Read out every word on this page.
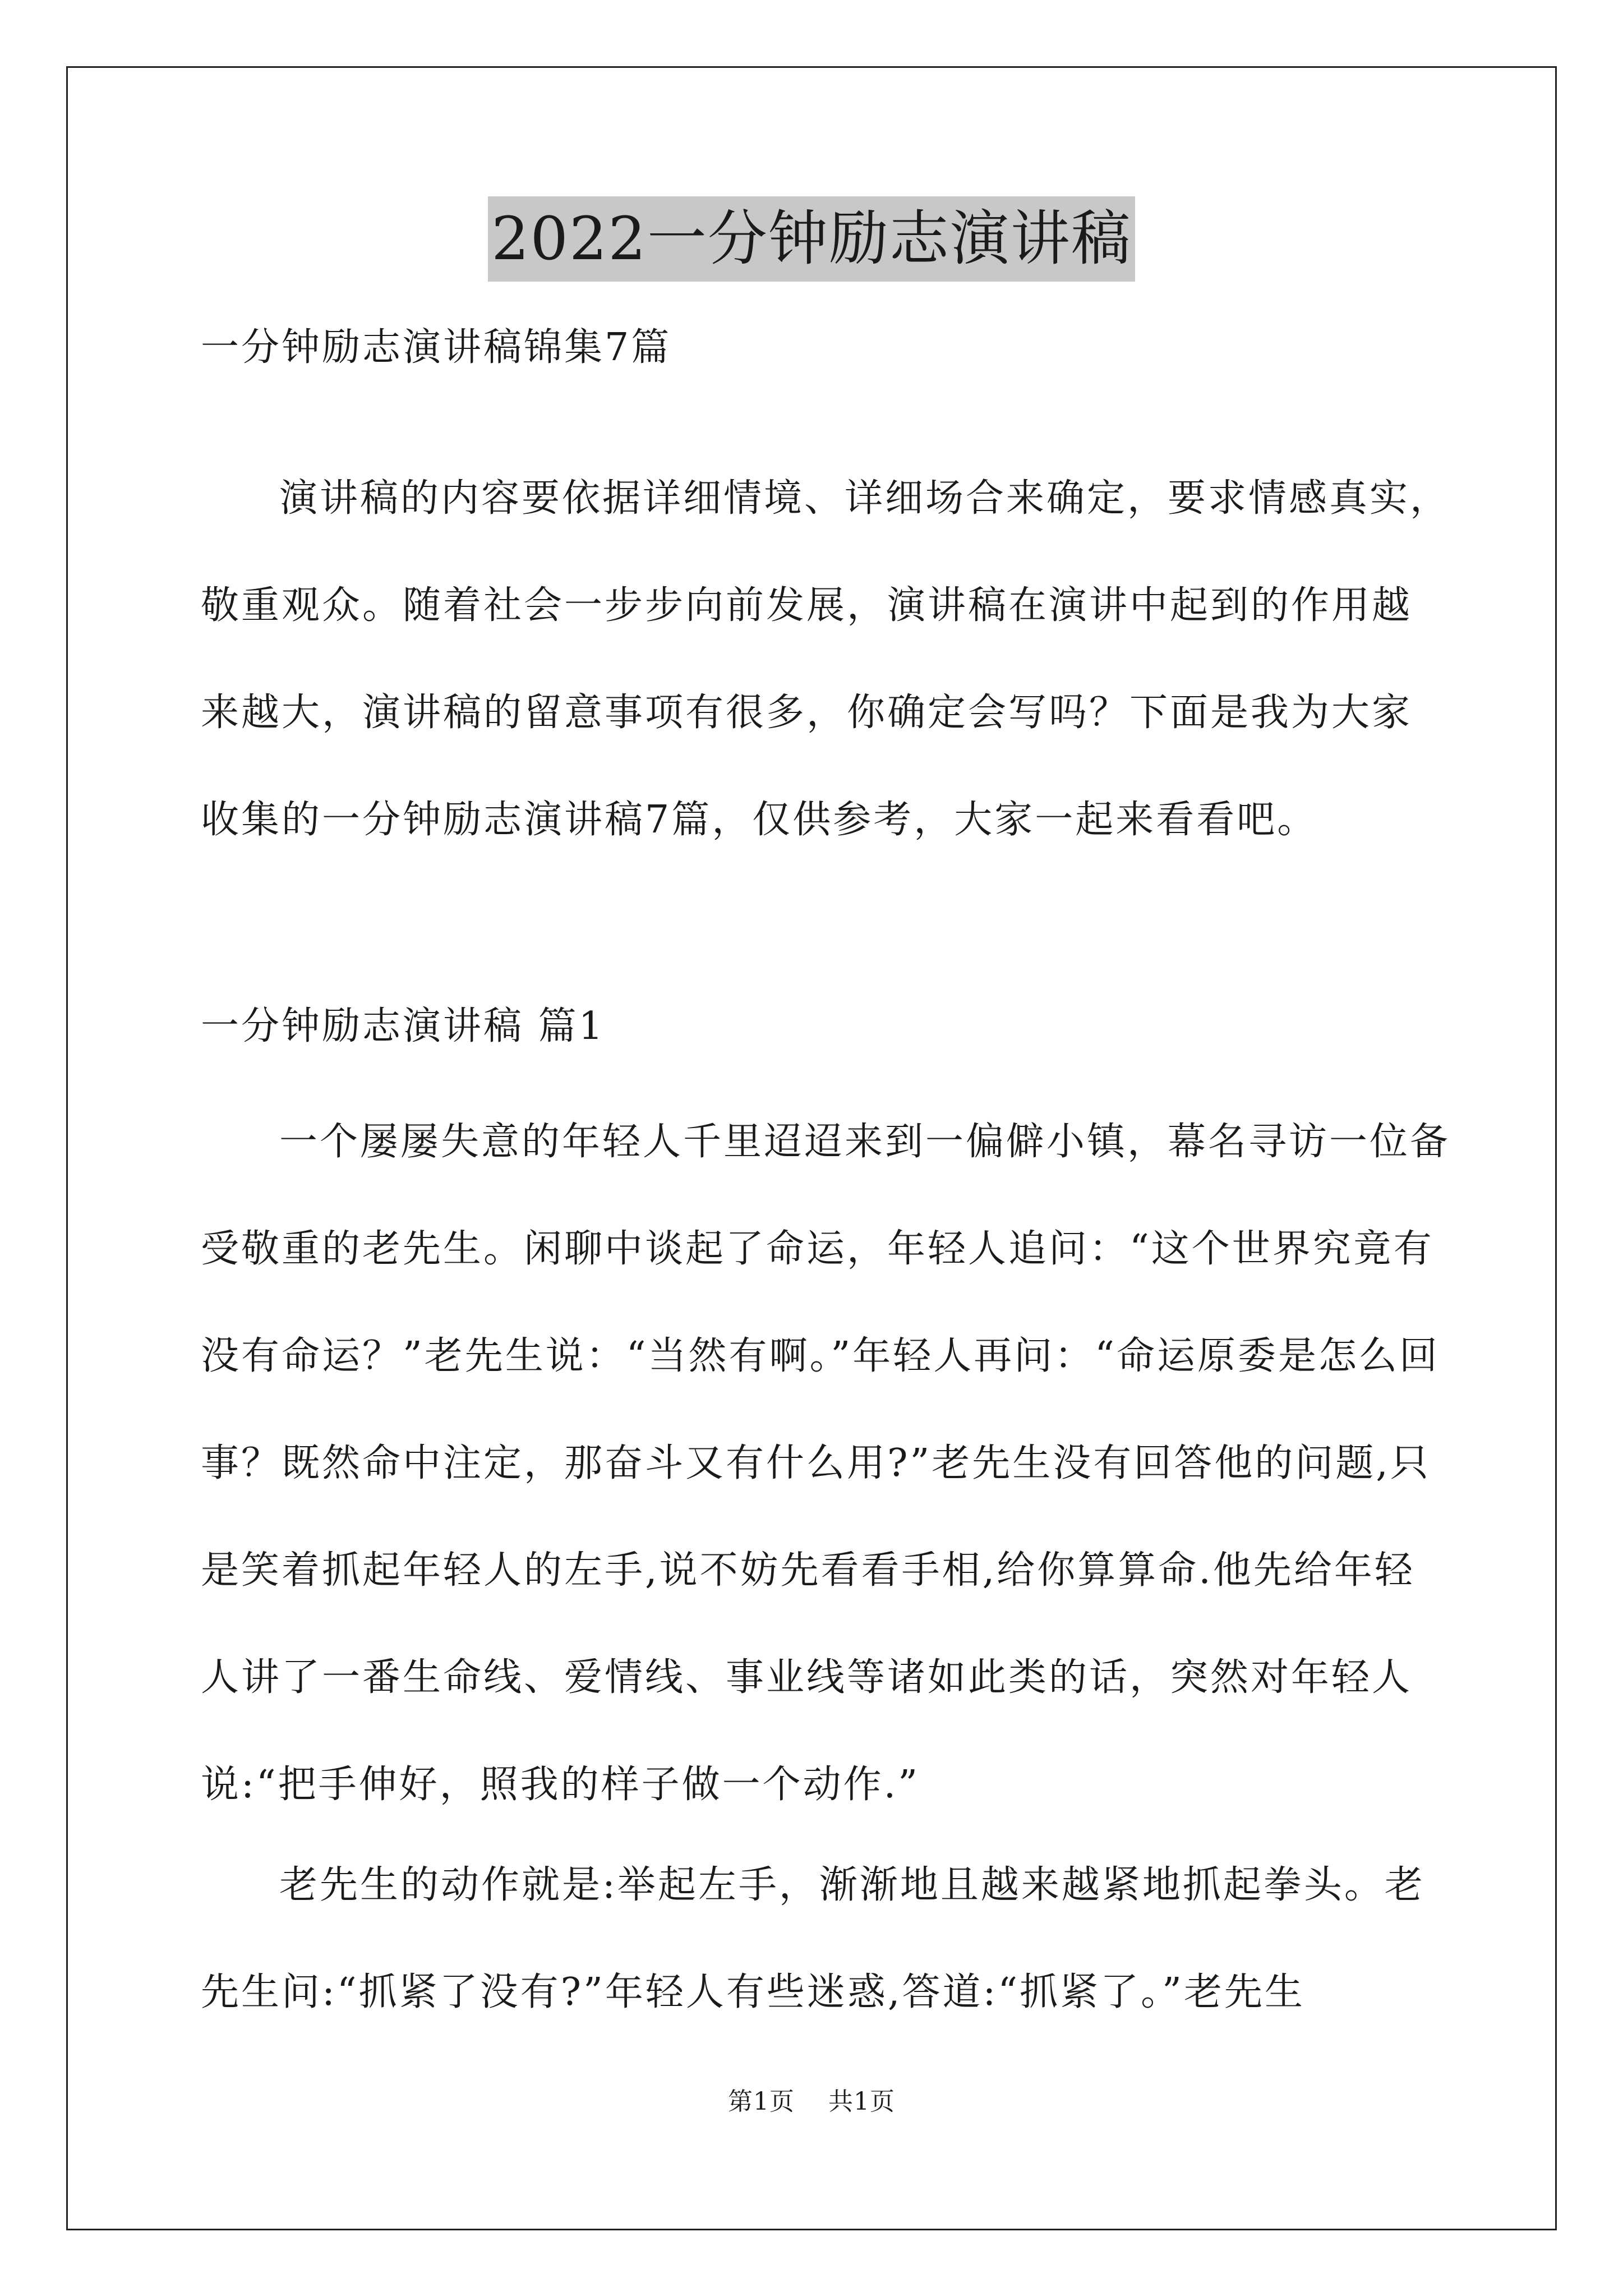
2022一分钟励志演讲稿
一分钟励志演讲稿锦集7篇
演讲稿的内容要依据详细情境、详细场合来确定，要求情感真实，敬重观众。随着社会一步步向前发展，演讲稿在演讲中起到的作用越来越大，演讲稿的留意事项有很多，你确定会写吗？下面是我为大家收集的一分钟励志演讲稿7篇，仅供参考，大家一起来看看吧。
一分钟励志演讲稿 篇1
一个屡屡失意的年轻人千里迢迢来到一偏僻小镇，幕名寻访一位备受敬重的老先生。闲聊中谈起了命运，年轻人追问：“这个世界究竟有没有命运？”老先生说：“当然有啊。”年轻人再问：“命运原委是怎么回事？既然命中注定，那奋斗又有什么用?”老先生没有回答他的问题,只是笑着抓起年轻人的左手,说不妨先看看手相,给你算算命.他先给年轻人讲了一番生命线、爱情线、事业线等诸如此类的话，突然对年轻人说:“把手伸好，照我的样子做一个动作.”
老先生的动作就是:举起左手，渐渐地且越来越紧地抓起拳头。老先生问:“抓紧了没有?”年轻人有些迷惑,答道:“抓紧了。”老先生
第1页 共1页
